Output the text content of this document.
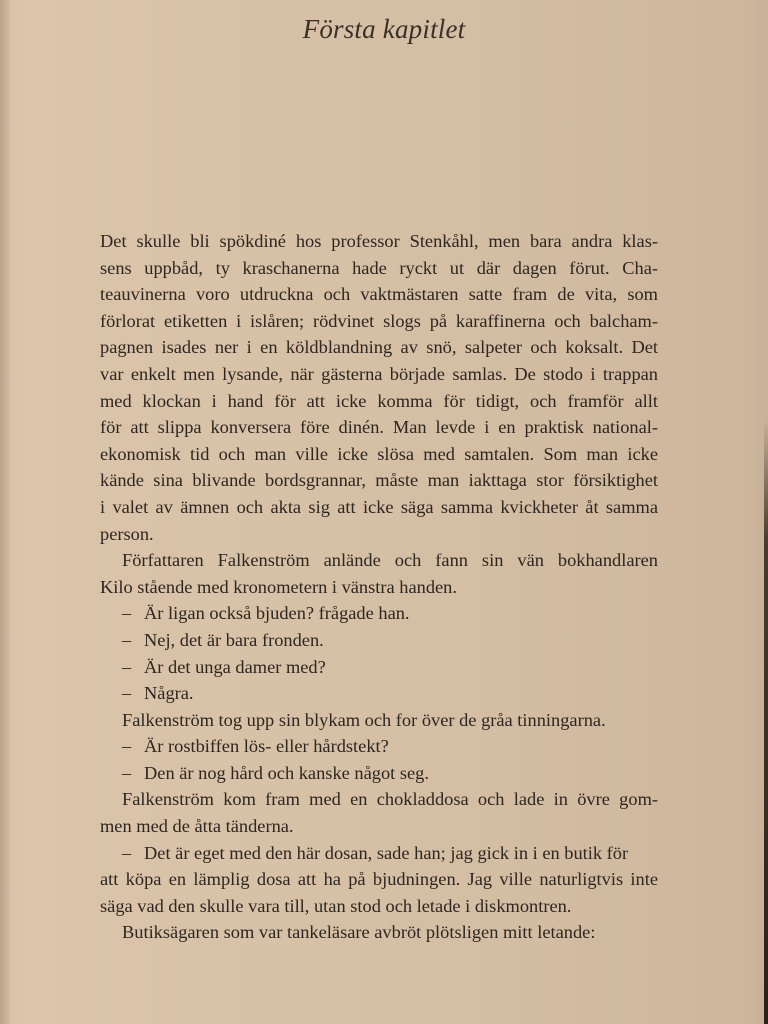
Första kapitlet
Det skulle bli spökdiné hos professor Stenkåhl, men bara andra klas-
sens uppbåd, ty kraschanerna hade ryckt ut där dagen förut. Cha-
teauvinerna voro utdruckna och vaktmästaren satte fram de vita, som
förlorat etiketten i islåren; rödvinet slogs på karaffinerna och balcham-
pagnen isades ner i en köldblandning av snö, salpeter och koksalt. Det
var enkelt men lysande, när gästerna började samlas. De stodo i trappan
med klockan i hand för att icke komma för tidigt, och framför allt
för att slippa konversera före dinén. Man levde i en praktisk national-
ekonomisk tid och man ville icke slösa med samtalen. Som man icke
kände sina blivande bordsgrannar, måste man iakttaga stor försiktighet
i valet av ämnen och akta sig att icke säga samma kvickheter åt samma
person.
Författaren Falkenström anlände och fann sin vän bokhandlaren
Kilo stående med kronometern i vänstra handen.
– Är ligan också bjuden? frågade han.
– Nej, det är bara fronden.
– Är det unga damer med?
– Några.
Falkenström tog upp sin blykam och for över de gråa tinningarna.
– Är rostbiffen lös- eller hårdstekt?
– Den är nog hård och kanske något seg.
Falkenström kom fram med en chokladdosa och lade in övre gom-
men med de åtta tänderna.
– Det är eget med den här dosan, sade han; jag gick in i en butik för
att köpa en lämplig dosa att ha på bjudningen. Jag ville naturligtvis inte
säga vad den skulle vara till, utan stod och letade i diskmontren.
Butiksägaren som var tankeläsare avbröt plötsligen mitt letande:
